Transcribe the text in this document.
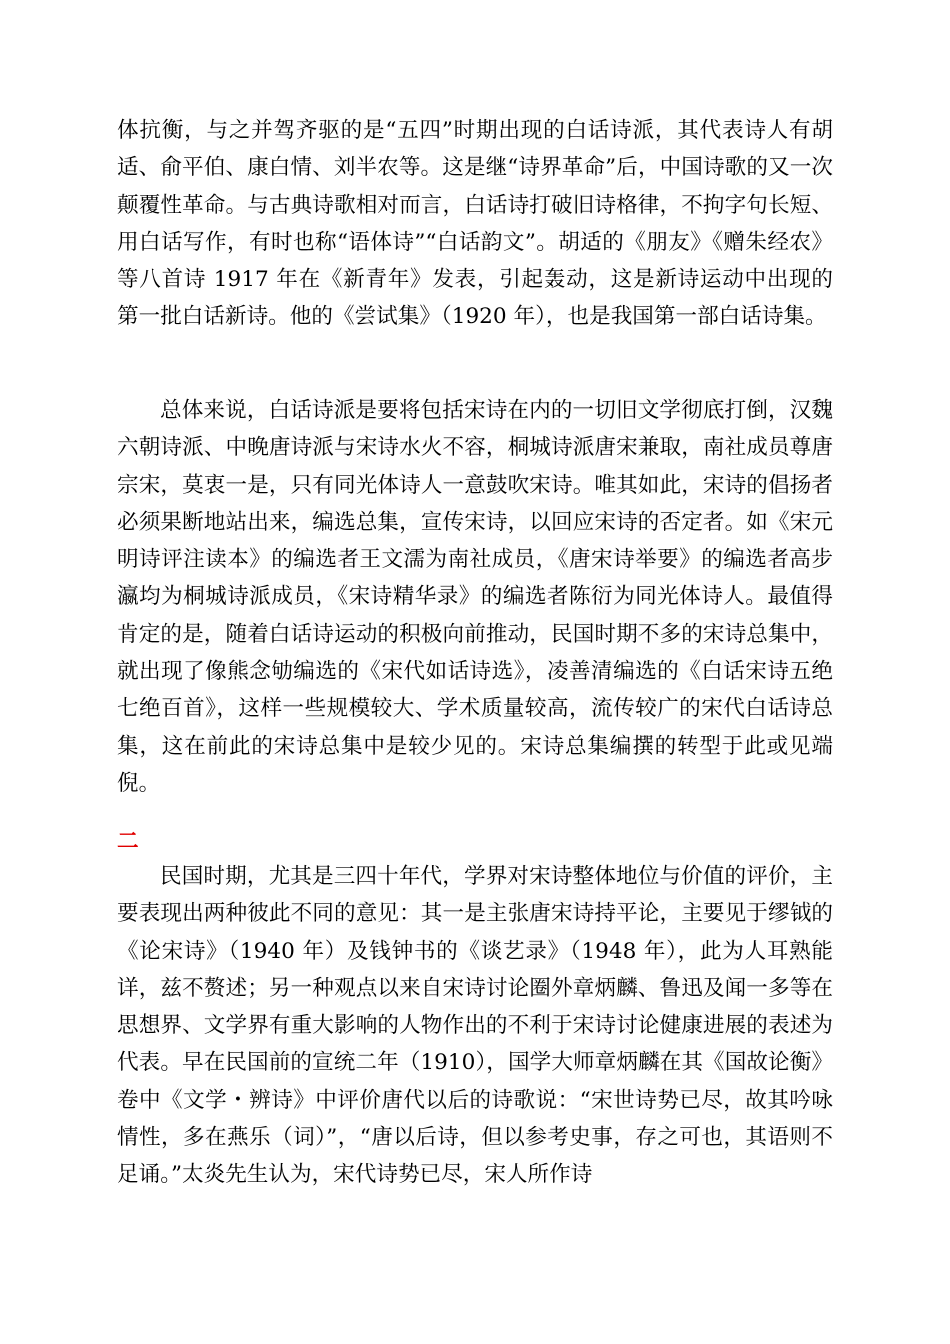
体抗衡，与之并驾齐驱的是“五四”时期出现的白话诗派，其代表诗人有胡适、俞平伯、康白情、刘半农等。这是继“诗界革命”后，中国诗歌的又一次颠覆性革命。与古典诗歌相对而言，白话诗打破旧诗格律，不拘字句长短、用白话写作，有时也称“语体诗”“白话韵文”。胡适的《朋友》《赠朱经农》等八首诗 1917 年在《新青年》发表，引起轰动，这是新诗运动中出现的第一批白话新诗。他的《尝试集》（1920 年），也是我国第一部白话诗集。

总体来说，白话诗派是要将包括宋诗在内的一切旧文学彻底打倒，汉魏六朝诗派、中晚唐诗派与宋诗水火不容，桐城诗派唐宋兼取，南社成员尊唐宗宋，莫衷一是，只有同光体诗人一意鼓吹宋诗。唯其如此，宋诗的倡扬者必须果断地站出来，编选总集，宣传宋诗，以回应宋诗的否定者。如《宋元明诗评注读本》的编选者王文濡为南社成员，《唐宋诗举要》的编选者高步瀛均为桐城诗派成员，《宋诗精华录》的编选者陈衍为同光体诗人。最值得肯定的是，随着白话诗运动的积极向前推动，民国时期不多的宋诗总集中，就出现了像熊念劬编选的《宋代如话诗选》，凌善清编选的《白话宋诗五绝七绝百首》，这样一些规模较大、学术质量较高，流传较广的宋代白话诗总集，这在前此的宋诗总集中是较少见的。宋诗总集编撰的转型于此或见端倪。

二

民国时期，尤其是三四十年代，学界对宋诗整体地位与价值的评价，主要表现出两种彼此不同的意见：其一是主张唐宋诗持平论，主要见于缪钺的《论宋诗》（1940 年）及钱钟书的《谈艺录》（1948 年），此为人耳熟能详，兹不赘述；另一种观点以来自宋诗讨论圈外章炳麟、鲁迅及闻一多等在思想界、文学界有重大影响的人物作出的不利于宋诗讨论健康进展的表述为代表。早在民国前的宣统二年（1910），国学大师章炳麟在其《国故论衡》卷中《文学・辨诗》中评价唐代以后的诗歌说：“宋世诗势已尽，故其吟咏情性，多在燕乐（词）”，“唐以后诗，但以参考史事，存之可也，其语则不足诵。”太炎先生认为，宋代诗势已尽，宋人所作诗
